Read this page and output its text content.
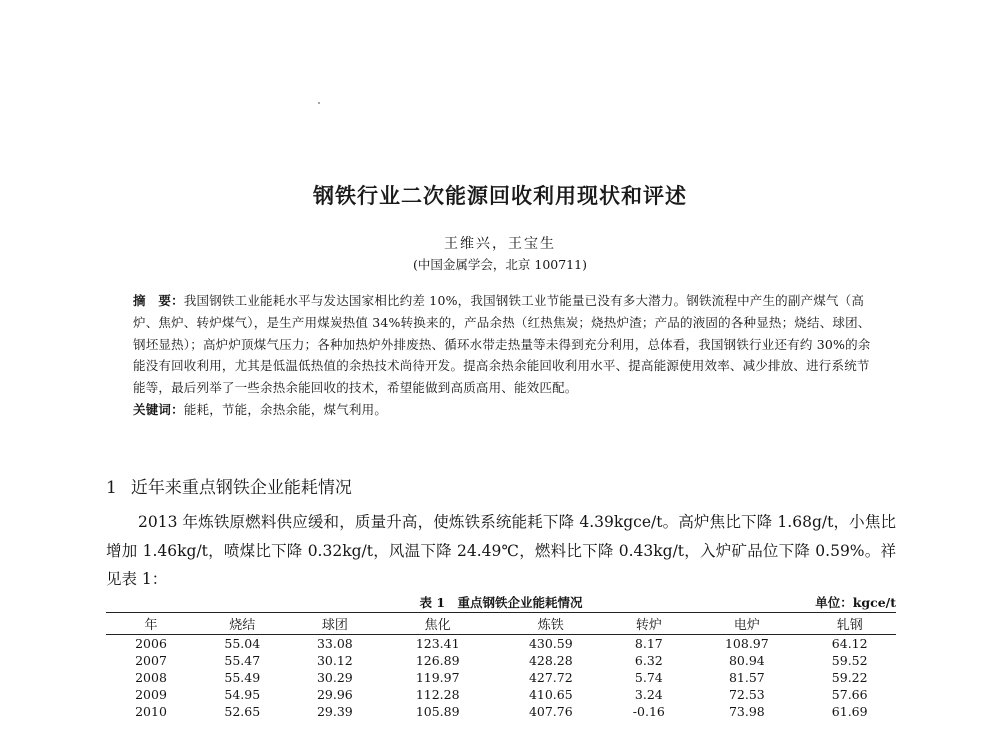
钢铁行业二次能源回收利用现状和评述
王维兴，王宝生
(中国金属学会，北京 100711)

摘　要：我国钢铁工业能耗水平与发达国家相比约差 10%，我国钢铁工业节能量已没有多大潜力。钢铁流程中产生的副产煤气（高炉、焦炉、转炉煤气），是生产用煤炭热值 34%转换来的，产品余热（红热焦炭；烧热炉渣；产品的液固的各种显热；烧结、球团、钢坯显热）；高炉炉顶煤气压力；各种加热炉外排废热、循环水带走热量等未得到充分利用，总体看，我国钢铁行业还有约 30%的余能没有回收利用，尤其是低温低热值的余热技术尚待开发。提高余热余能回收利用水平、提高能源使用效率、减少排放、进行系统节能等，最后列举了一些余热余能回收的技术，希望能做到高质高用、能效匹配。

关键词：能耗，节能，余热余能，煤气利用。

1 近年来重点钢铁企业能耗情况

2013 年炼铁原燃料供应缓和，质量升高，使炼铁系统能耗下降 4.39kgce/t。高炉焦比下降 1.68g/t，小焦比增加 1.46kg/t，喷煤比下降 0.32kg/t，风温下降 24.49℃，燃料比下降 0.43kg/t，入炉矿品位下降 0.59%。祥见表 1：

表 1　重点钢铁企业能耗情况	单位：kgce/t
年	烧结	球团	焦化	炼铁	转炉	电炉	轧钢
2006	55.04	33.08	123.41	430.59	8.17	108.97	64.12
2007	55.47	30.12	126.89	428.28	6.32	80.94	59.52
2008	55.49	30.29	119.97	427.72	5.74	81.57	59.22
2009	54.95	29.96	112.28	410.65	3.24	72.53	57.66
2010	52.65	29.39	105.89	407.76	-0.16	73.98	61.69
